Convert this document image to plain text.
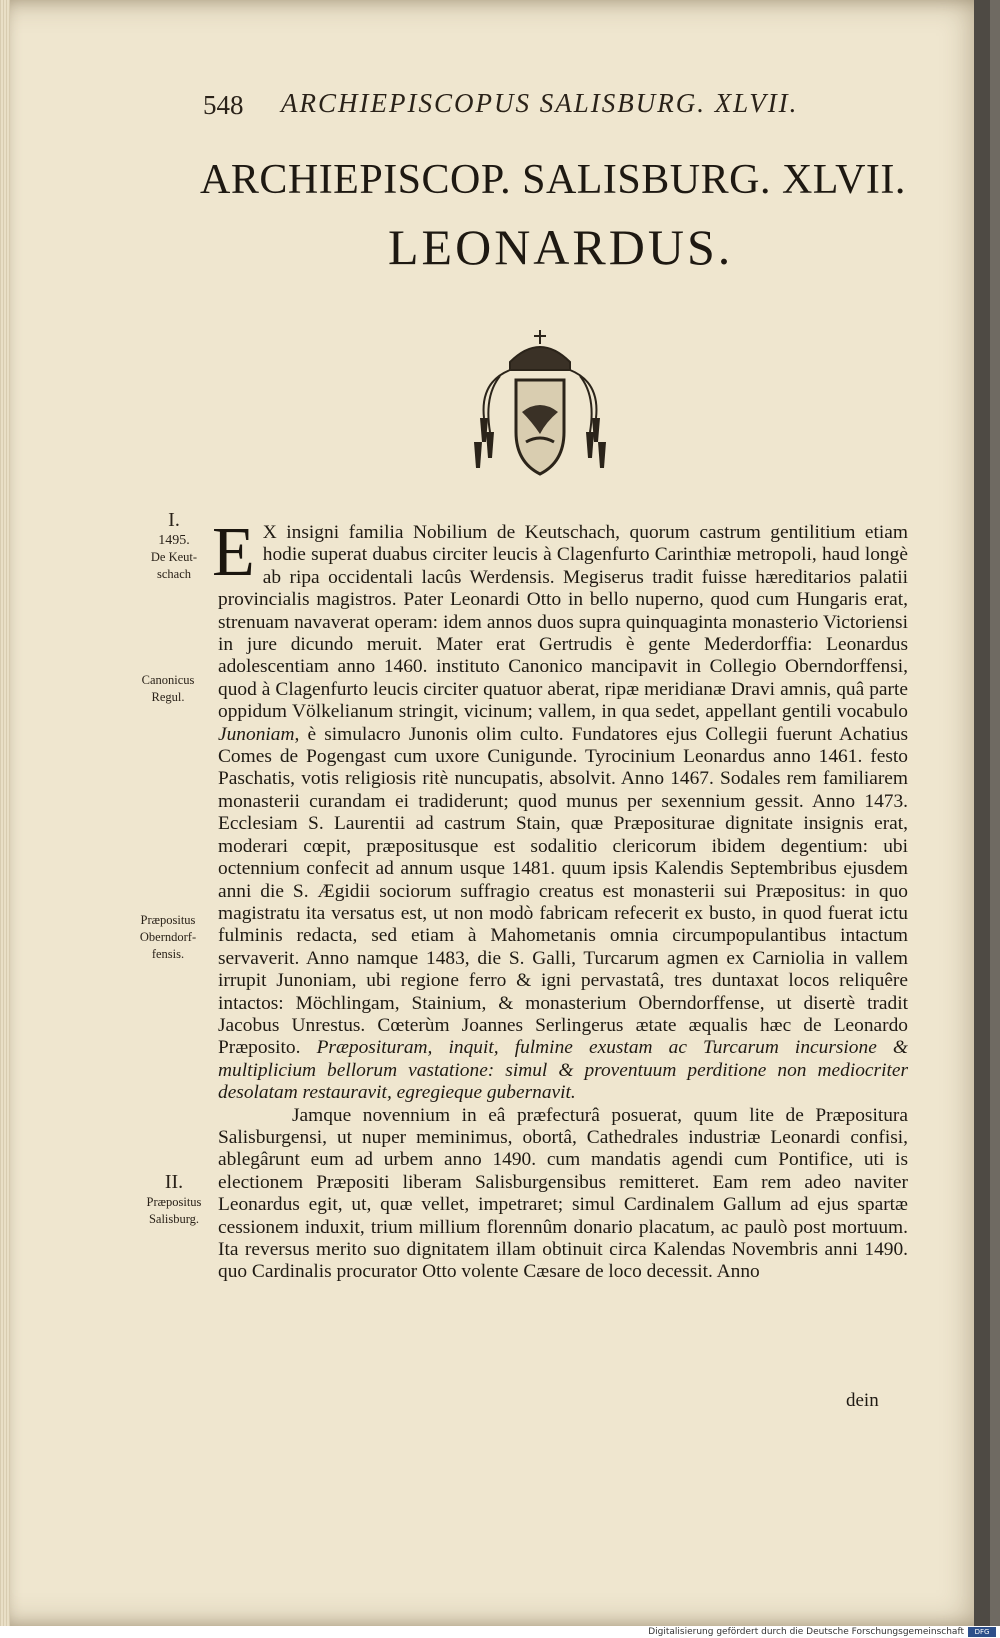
548 ARCHIEPISCOPUS SALISBURG. XLVII.
ARCHIEPISCOP. SALISBURG. XLVII.
LEONARDUS.
I.
1495.
De Keut-
schach
Canonicus
Regul.
Præpositus
Oberndorf-
fensis.
II.
Præpositus
Salisburg.

E X insigni familia Nobilium de Keutschach, quorum castrum gentilitium etiam hodie superat duabus circiter leucis à Clagenfurto Carinthiæ metropoli, haud longè ab ripa occidentali lacûs Werdensis. Megiserus tradit fuisse hæreditarios palatii provincialis magistros. Pater Leonardi Otto in bello nuperno, quod cum Hungaris erat, strenuam navaverat operam: idem annos duos supra quinquaginta monasterio Victoriensi in jure dicundo meruit. Mater erat Gertrudis è gente Mederdorffia: Leonardus adolescentiam anno 1460. instituto Canonico mancipavit in Collegio Oberndorffensi, quod à Clagenfurto leucis circiter quatuor aberat, ripæ meridianæ Dravi amnis, quâ parte oppidum Völkelianum stringit, vicinum; vallem, in qua sedet, appellant gentili vocabulo Junoniam, è simulacro Junonis olim culto. Fundatores ejus Collegii fuerunt Achatius Comes de Pogengast cum uxore Cunigunde. Tyrocinium Leonardus anno 1461. festo Paschatis, votis religiosis ritè nuncupatis, absolvit. Anno 1467. Sodales rem familiarem monasterii curandam ei tradiderunt; quod munus per sexennium gessit. Anno 1473. Ecclesiam S. Laurentii ad castrum Stain, quæ Præpositurae dignitate insignis erat, moderari cœpit, præpositusque est sodalitio clericorum ibidem degentium: ubi octennium confecit ad annum usque 1481. quum ipsis Kalendis Septembribus ejusdem anni die S. Ægidii sociorum suffragio creatus est monasterii sui Præpositus: in quo magistratu ita versatus est, ut non modò fabricam refecerit ex busto, in quod fuerat ictu fulminis redacta, sed etiam à Mahometanis omnia circumpopulantibus intactum servaverit. Anno namque 1483, die S. Galli, Turcarum agmen ex Carniolia in vallem irrupit Junoniam, ubi regione ferro & igni pervastatâ, tres duntaxat locos reliquêre intactos: Möchlingam, Stainium, & monasterium Oberndorffense, ut disertè tradit Jacobus Unrestus. Cœterùm Joannes Serlingerus ætate æqualis hæc de Leonardo Præposito. Præposituram, inquit, fulmine exustam ac Turcarum incursione & multiplicium bellorum vastatione: simul & proventuum perditione non mediocriter desolatam restauravit, egregieque gubernavit.

Jamque novennium in eâ præfecturâ posuerat, quum lite de Præpositura Salisburgensi, ut nuper meminimus, obortâ, Cathedrales industriæ Leonardi confisi, ablegârunt eum ad urbem anno 1490. cum mandatis agendi cum Pontifice, uti is electionem Præpositi liberam Salisburgensibus remitteret. Eam rem adeo naviter Leonardus egit, ut, quæ vellet, impetraret; simul Cardinalem Gallum ad ejus spartæ cessionem induxit, trium millium florennûm donario placatum, ac paulò post mortuum. Ita reversus merito suo dignitatem illam obtinuit circa Kalendas Novembris anni 1490. quo Cardinalis procurator Otto volente Cæsare de loco decessit. Anno

dein
Digitalisierung gefördert durch die Deutsche Forschungsgemeinschaft	DFG
